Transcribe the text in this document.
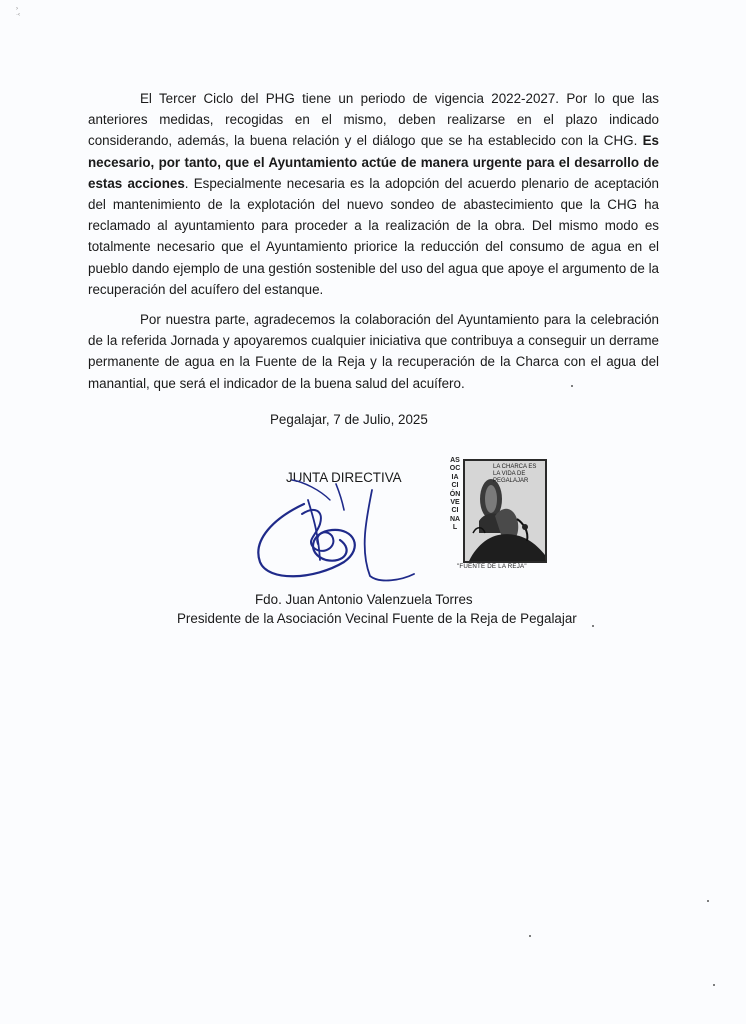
›
·‹

El Tercer Ciclo del PHG tiene un periodo de vigencia 2022-2027. Por lo que las anteriores medidas, recogidas en el mismo, deben realizarse en el plazo indicado considerando, además, la buena relación y el diálogo que se ha establecido con la CHG. Es necesario, por tanto, que el Ayuntamiento actúe de manera urgente para el desarrollo de estas acciones. Especialmente necesaria es la adopción del acuerdo plenario de aceptación del mantenimiento de la explotación del nuevo sondeo de abastecimiento que la CHG ha reclamado al ayuntamiento para proceder a la realización de la obra. Del mismo modo es totalmente necesario que el Ayuntamiento priorice la reducción del consumo de agua en el pueblo dando ejemplo de una gestión sostenible del uso del agua que apoye el argumento de la recuperación del acuífero del estanque.

Por nuestra parte, agradecemos la colaboración del Ayuntamiento para la celebración de la referida Jornada y apoyaremos cualquier iniciativa que contribuya a conseguir un derrame permanente de agua en la Fuente de la Reja y la recuperación de la Charca con el agua del manantial, que será el indicador de la buena salud del acuífero.

Pegalajar, 7 de Julio, 2025
JUNTA DIRECTIVA
ASOCIACIÓN VECINAL
LA CHARCA ES LA VIDA DE PEGALAJAR
"FUENTE DE LA REJA"
Fdo. Juan Antonio Valenzuela Torres
Presidente de la Asociación Vecinal Fuente de la Reja de Pegalajar
